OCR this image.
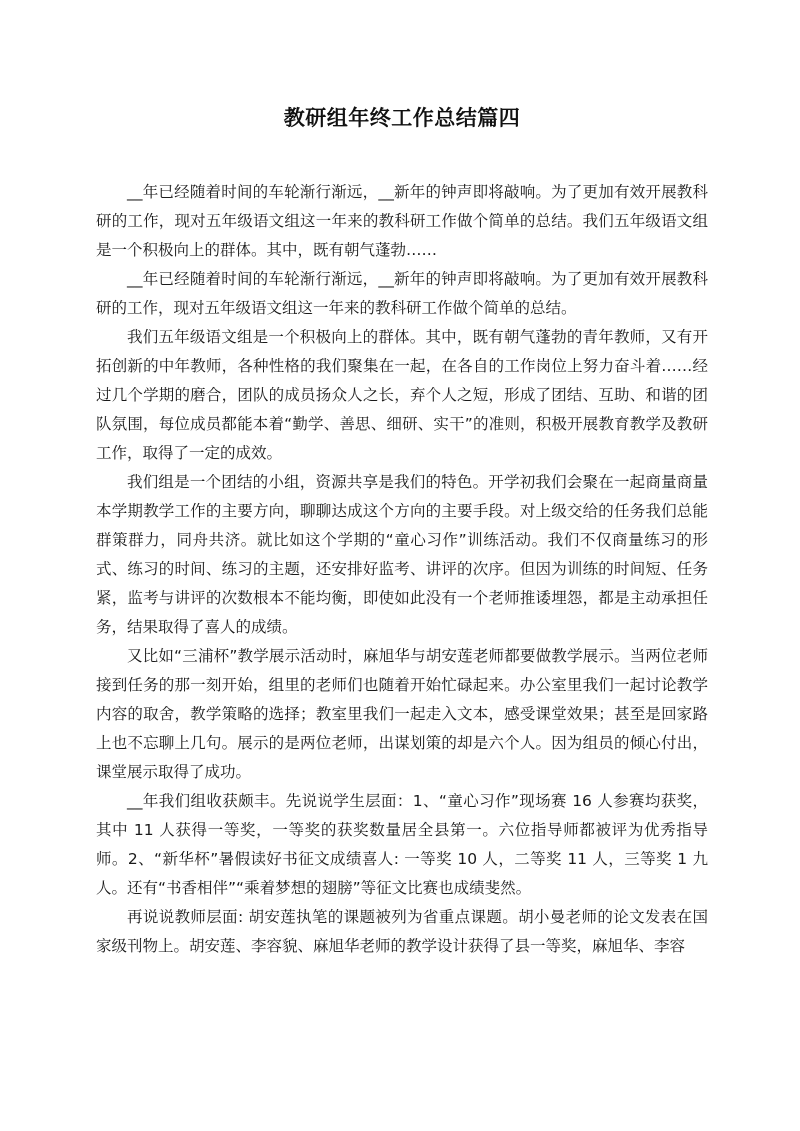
教研组年终工作总结篇四

__年已经随着时间的车轮渐行渐远，__新年的钟声即将敲响。为了更加有效开展教科研的工作，现对五年级语文组这一年来的教科研工作做个简单的总结。我们五年级语文组是一个积极向上的群体。其中，既有朝气蓬勃……

__年已经随着时间的车轮渐行渐远，__新年的钟声即将敲响。为了更加有效开展教科研的工作，现对五年级语文组这一年来的教科研工作做个简单的总结。

我们五年级语文组是一个积极向上的群体。其中，既有朝气蓬勃的青年教师，又有开拓创新的中年教师，各种性格的我们聚集在一起，在各自的工作岗位上努力奋斗着……经过几个学期的磨合，团队的成员扬众人之长，弃个人之短，形成了团结、互助、和谐的团队氛围，每位成员都能本着“勤学、善思、细研、实干”的准则，积极开展教育教学及教研工作，取得了一定的成效。

我们组是一个团结的小组，资源共享是我们的特色。开学初我们会聚在一起商量商量本学期教学工作的主要方向，聊聊达成这个方向的主要手段。对上级交给的任务我们总能群策群力，同舟共济。就比如这个学期的“童心习作”训练活动。我们不仅商量练习的形式、练习的时间、练习的主题，还安排好监考、讲评的次序。但因为训练的时间短、任务紧，监考与讲评的次数根本不能均衡，即使如此没有一个老师推诿埋怨，都是主动承担任务，结果取得了喜人的成绩。

又比如“三浦杯”教学展示活动时，麻旭华与胡安莲老师都要做教学展示。当两位老师接到任务的那一刻开始，组里的老师们也随着开始忙碌起来。办公室里我们一起讨论教学内容的取舍，教学策略的选择；教室里我们一起走入文本，感受课堂效果；甚至是回家路上也不忘聊上几句。展示的是两位老师，出谋划策的却是六个人。因为组员的倾心付出，课堂展示取得了成功。

__年我们组收获颇丰。先说说学生层面：1、“童心习作”现场赛 16 人参赛均获奖，其中 11 人获得一等奖，一等奖的获奖数量居全县第一。六位指导师都被评为优秀指导师。2、“新华杯”暑假读好书征文成绩喜人: 一等奖 10 人，二等奖 11 人，三等奖 1 九人。还有“书香相伴”“乘着梦想的翅膀”等征文比赛也成绩斐然。

再说说教师层面: 胡安莲执笔的课题被列为省重点课题。胡小曼老师的论文发表在国家级刊物上。胡安莲、李容貌、麻旭华老师的教学设计获得了县一等奖，麻旭华、李容
